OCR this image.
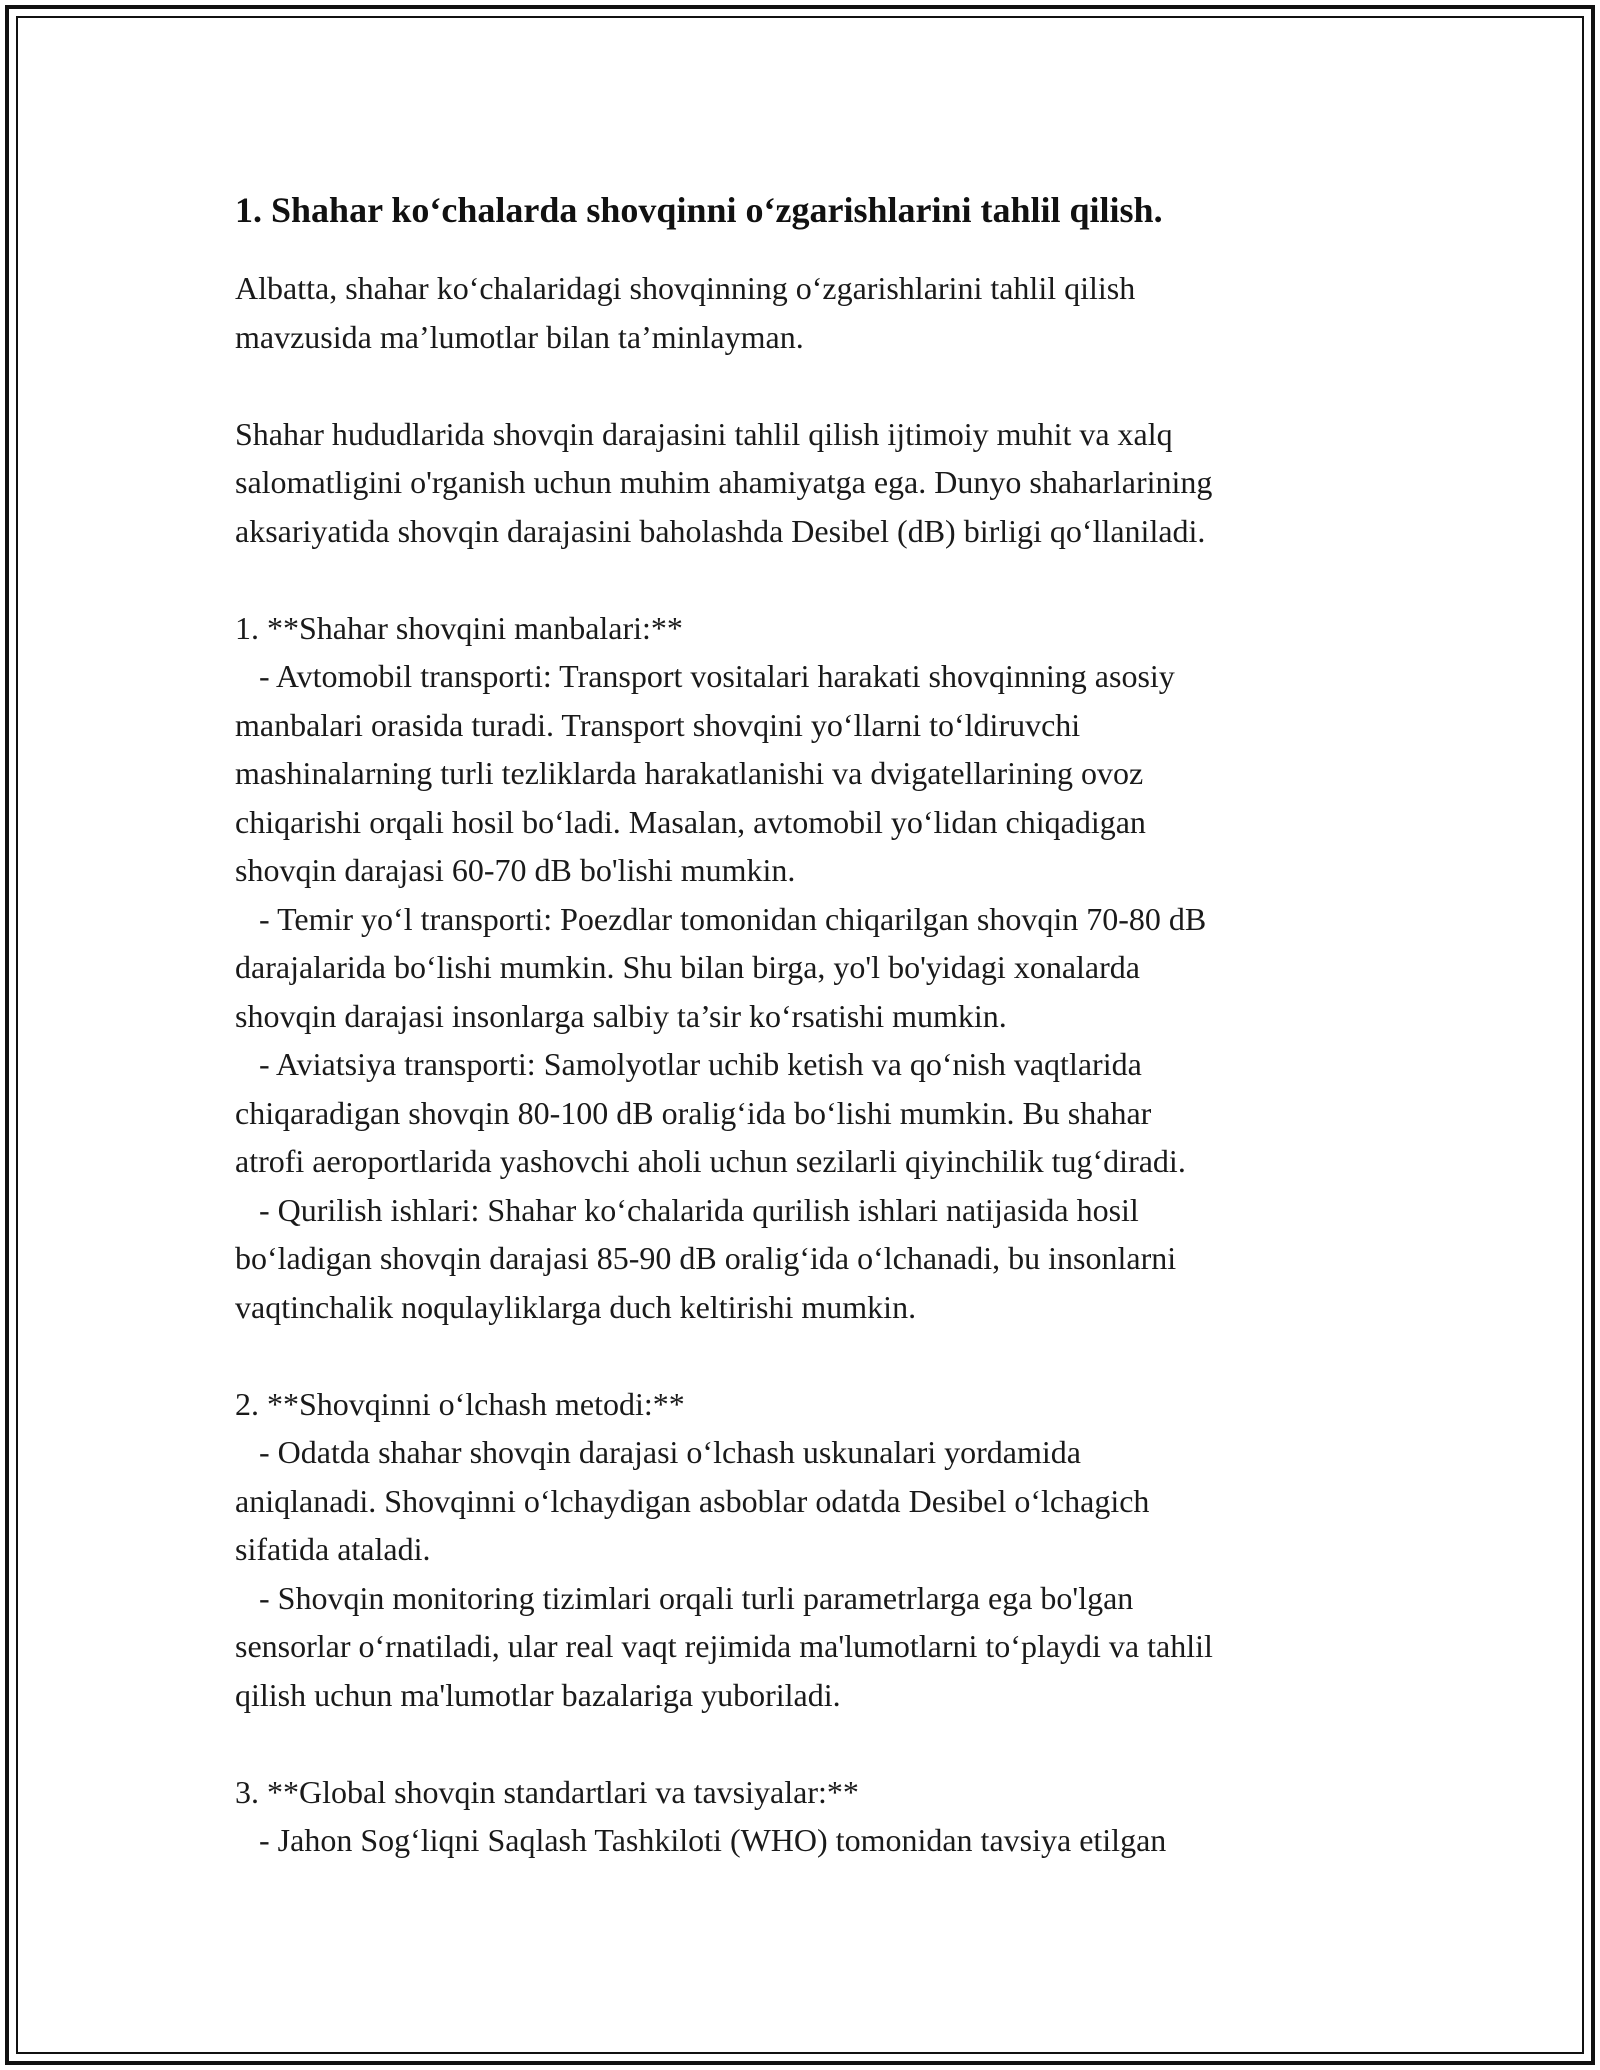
1. Shahar ko‘chalarda shovqinni o‘zgarishlarini tahlil qilish.

Albatta, shahar ko‘chalaridagi shovqinning o‘zgarishlarini tahlil qilish
mavzusida ma’lumotlar bilan ta’minlayman.

Shahar hududlarida shovqin darajasini tahlil qilish ijtimoiy muhit va xalq
salomatligini o'rganish uchun muhim ahamiyatga ega. Dunyo shaharlarining
aksariyatida shovqin darajasini baholashda Desibel (dB) birligi qo‘llaniladi.

1. **Shahar shovqini manbalari:**

- Avtomobil transporti: Transport vositalari harakati shovqinning asosiy
manbalari orasida turadi. Transport shovqini yo‘llarni to‘ldiruvchi
mashinalarning turli tezliklarda harakatlanishi va dvigatellarining ovoz
chiqarishi orqali hosil bo‘ladi. Masalan, avtomobil yo‘lidan chiqadigan
shovqin darajasi 60-70 dB bo'lishi mumkin.

- Temir yo‘l transporti: Poezdlar tomonidan chiqarilgan shovqin 70-80 dB
darajalarida bo‘lishi mumkin. Shu bilan birga, yo'l bo'yidagi xonalarda
shovqin darajasi insonlarga salbiy ta’sir ko‘rsatishi mumkin.

- Aviatsiya transporti: Samolyotlar uchib ketish va qo‘nish vaqtlarida
chiqaradigan shovqin 80-100 dB oralig‘ida bo‘lishi mumkin. Bu shahar
atrofi aeroportlarida yashovchi aholi uchun sezilarli qiyinchilik tug‘diradi.

- Qurilish ishlari: Shahar ko‘chalarida qurilish ishlari natijasida hosil
bo‘ladigan shovqin darajasi 85-90 dB oralig‘ida o‘lchanadi, bu insonlarni
vaqtinchalik noqulayliklarga duch keltirishi mumkin.

2. **Shovqinni o‘lchash metodi:**

- Odatda shahar shovqin darajasi o‘lchash uskunalari yordamida
aniqlanadi. Shovqinni o‘lchaydigan asboblar odatda Desibel o‘lchagich
sifatida ataladi.

- Shovqin monitoring tizimlari orqali turli parametrlarga ega bo'lgan
sensorlar o‘rnatiladi, ular real vaqt rejimida ma'lumotlarni to‘playdi va tahlil
qilish uchun ma'lumotlar bazalariga yuboriladi.

3. **Global shovqin standartlari va tavsiyalar:**

- Jahon Sog‘liqni Saqlash Tashkiloti (WHO) tomonidan tavsiya etilgan
